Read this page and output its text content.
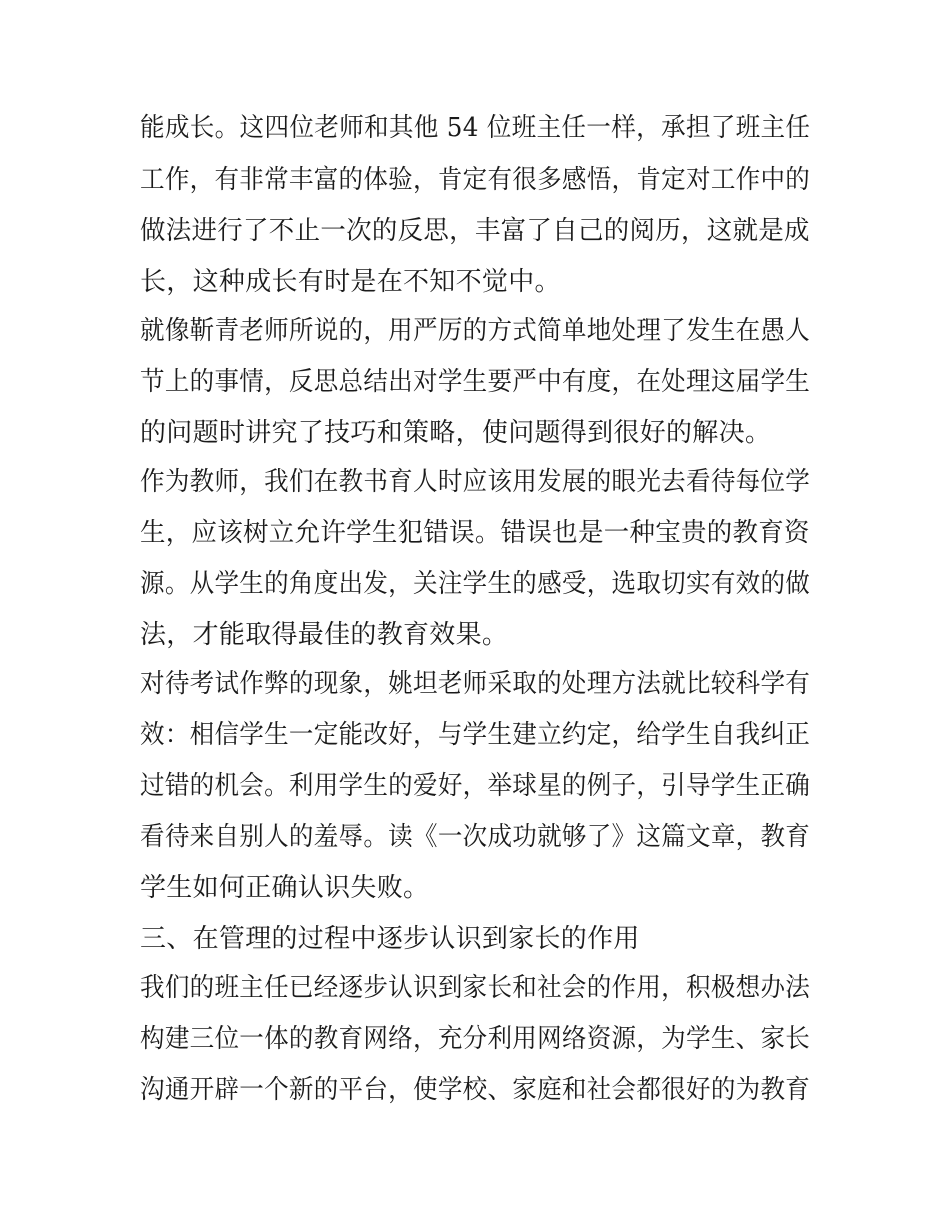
能成长。这四位老师和其他 54 位班主任一样，承担了班主任
工作，有非常丰富的体验，肯定有很多感悟，肯定对工作中的
做法进行了不止一次的反思，丰富了自己的阅历，这就是成
长，这种成长有时是在不知不觉中。
就像靳青老师所说的，用严厉的方式简单地处理了发生在愚人
节上的事情，反思总结出对学生要严中有度，在处理这届学生
的问题时讲究了技巧和策略，使问题得到很好的解决。
作为教师，我们在教书育人时应该用发展的眼光去看待每位学
生，应该树立允许学生犯错误。错误也是一种宝贵的教育资
源。从学生的角度出发，关注学生的感受，选取切实有效的做
法，才能取得最佳的教育效果。
对待考试作弊的现象，姚坦老师采取的处理方法就比较科学有
效：相信学生一定能改好，与学生建立约定，给学生自我纠正
过错的机会。利用学生的爱好，举球星的例子，引导学生正确
看待来自别人的羞辱。读《一次成功就够了》这篇文章，教育
学生如何正确认识失败。
三、在管理的过程中逐步认识到家长的作用
我们的班主任已经逐步认识到家长和社会的作用，积极想办法
构建三位一体的教育网络，充分利用网络资源，为学生、家长
沟通开辟一个新的平台，使学校、家庭和社会都很好的为教育
